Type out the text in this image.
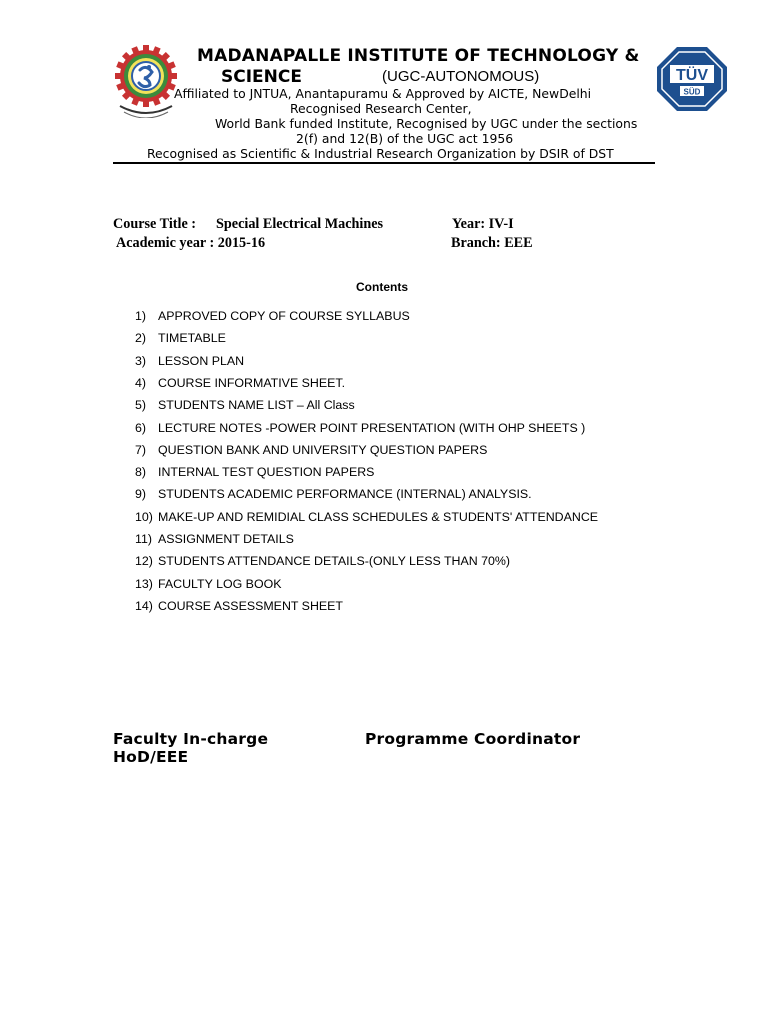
TÜV
SÜD
MADANAPALLE INSTITUTE OF TECHNOLOGY &
SCIENCE	(UGC-AUTONOMOUS)
Affiliated to JNTUA, Anantapuramu & Approved by AICTE, NewDelhi
Recognised Research Center,
World Bank funded Institute, Recognised by UGC under the sections
2(f) and 12(B) of the UGC act 1956
Recognised as Scientific & Industrial Research Organization by DSIR of DST
Course Title : Special Electrical Machines	Year: IV-I
Academic year : 2015-16	Branch: EEE
Contents
1) APPROVED COPY OF COURSE SYLLABUS
2) TIMETABLE
3) LESSON PLAN
4) COURSE INFORMATIVE SHEET.
5) STUDENTS NAME LIST – All Class
6) LECTURE NOTES -POWER POINT PRESENTATION (WITH OHP SHEETS )
7) QUESTION BANK AND UNIVERSITY QUESTION PAPERS
8) INTERNAL TEST QUESTION PAPERS
9) STUDENTS ACADEMIC PERFORMANCE (INTERNAL) ANALYSIS.
10) MAKE-UP AND REMIDIAL CLASS SCHEDULES & STUDENTS' ATTENDANCE
11) ASSIGNMENT DETAILS
12) STUDENTS ATTENDANCE DETAILS-(ONLY LESS THAN 70%)
13) FACULTY LOG BOOK
14) COURSE ASSESSMENT SHEET
Faculty In-charge	Programme Coordinator
HoD/EEE
